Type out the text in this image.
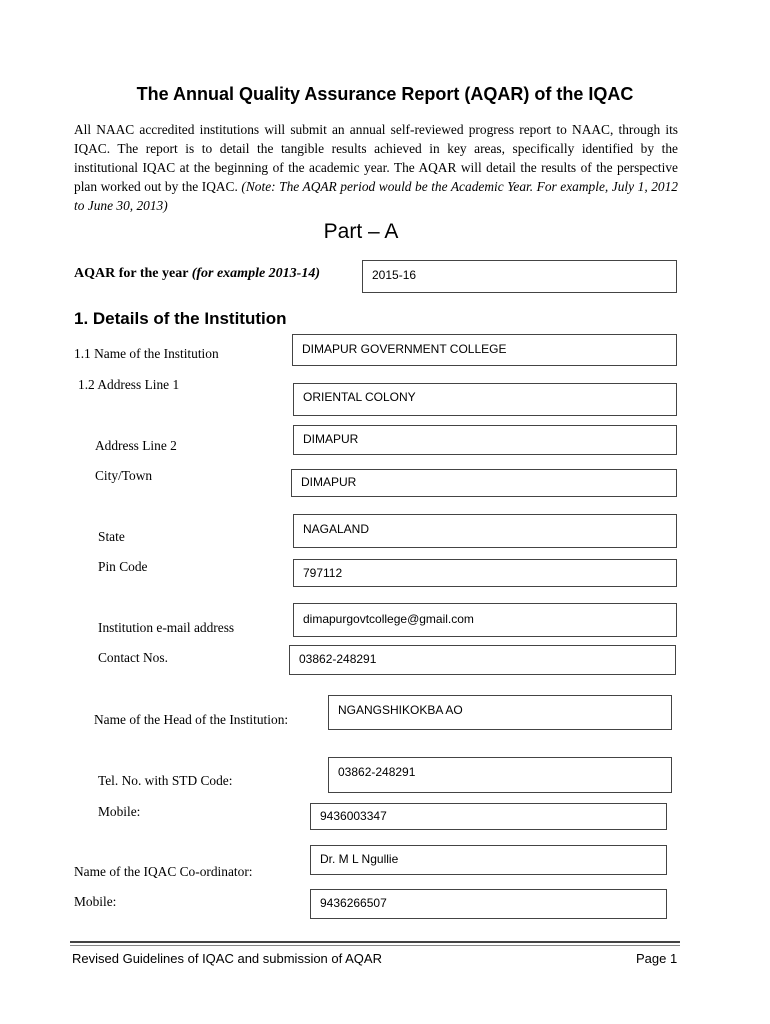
The Annual Quality Assurance Report (AQAR) of the IQAC
All NAAC accredited institutions will submit an annual self-reviewed progress report to NAAC, through its IQAC. The report is to detail the tangible results achieved in key areas, specifically identified by the institutional IQAC at the beginning of the academic year. The AQAR will detail the results of the perspective plan worked out by the IQAC. (Note: The AQAR period would be the Academic Year. For example, July 1, 2012 to June 30, 2013)
Part – A
AQAR for the year (for example 2013-14)	2015-16
1. Details of the Institution
1.1 Name of the Institution	DIMAPUR GOVERNMENT COLLEGE
1.2 Address Line 1
ORIENTAL COLONY
Address Line 2	DIMAPUR
City/Town	DIMAPUR
State	NAGALAND
Pin Code	797112
Institution e-mail address
dimapurgovtcollege@gmail.com
Contact Nos.	03862-248291
Name of the Head of the Institution:
NGANGSHIKOKBA AO
Tel. No. with STD Code:
03862-248291
Mobile:	9436003347
Name of the IQAC Co-ordinator:
Dr. M L Ngullie
Mobile:	9436266507
Revised Guidelines of IQAC and submission of AQAR	Page 1
